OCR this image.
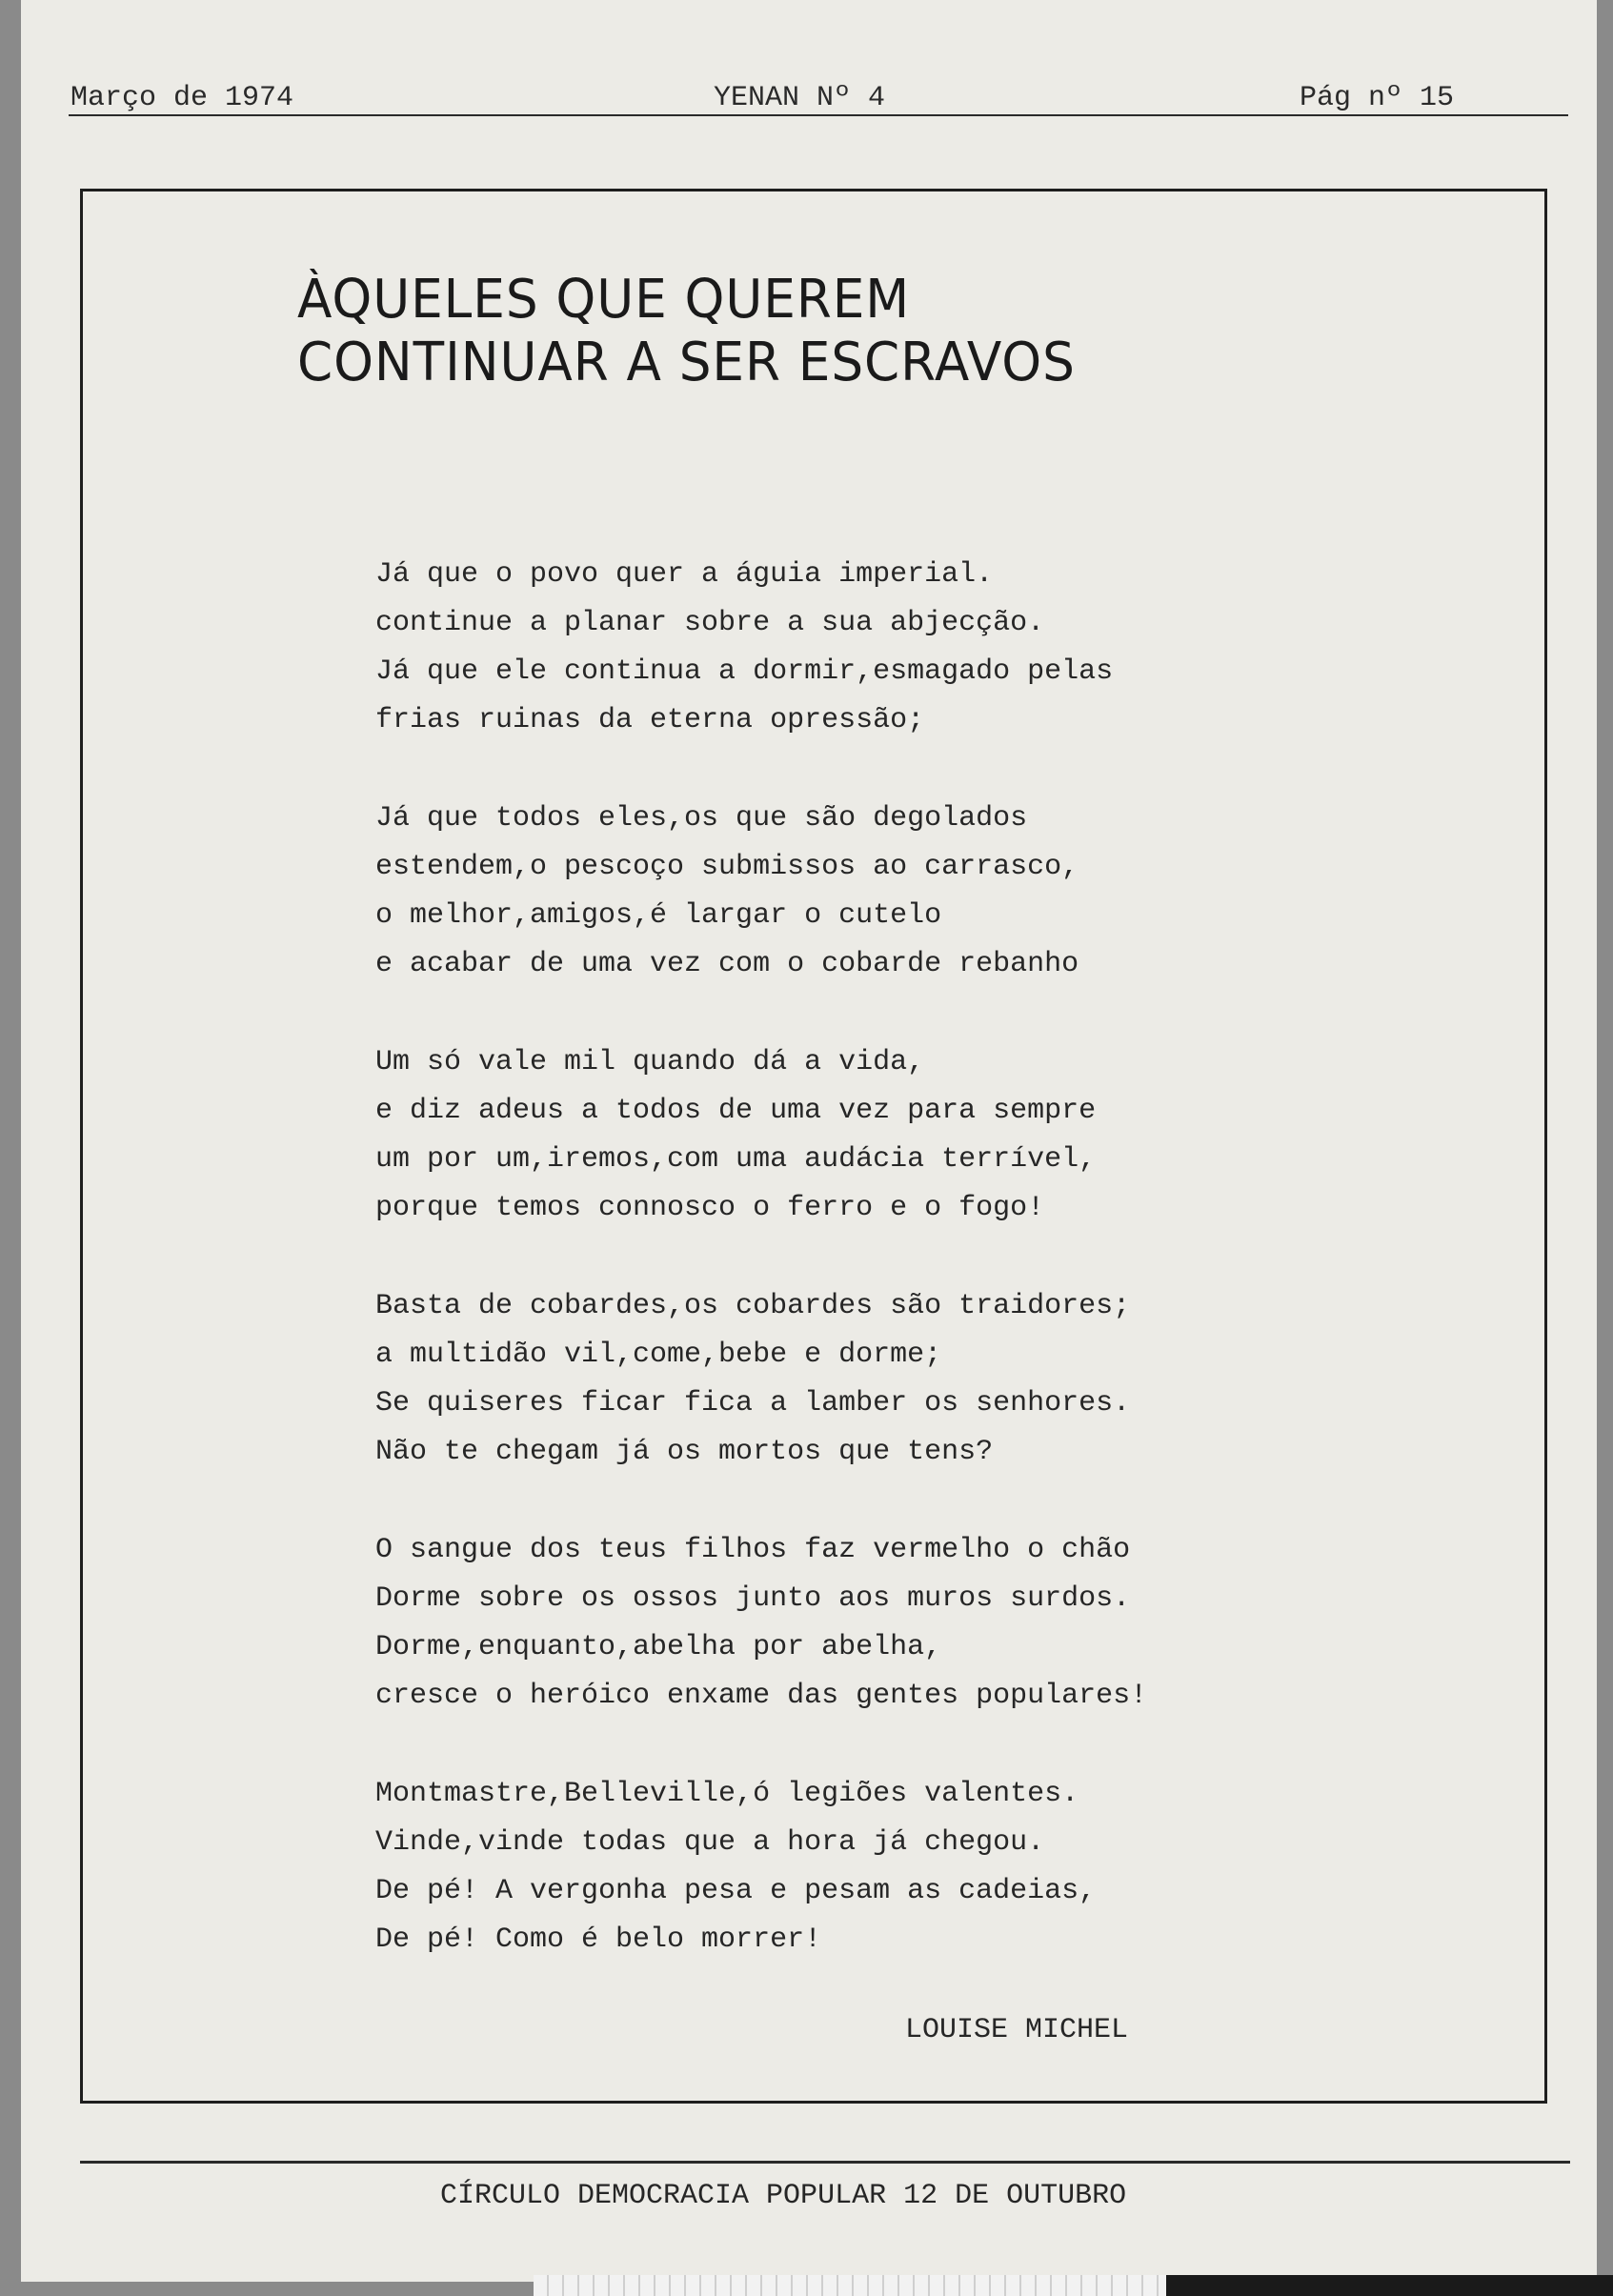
Março de 1974	YENAN Nº 4	Pág nº 15
ÀQUELES QUE QUEREM
CONTINUAR A SER ESCRAVOS
Já que o povo quer a águia imperial.
continue a planar sobre a sua abjecção.
Já que ele continua a dormir,esmagado pelas
frias ruinas da eterna opressão;
Já que todos eles,os que são degolados
estendem,o pescoço submissos ao carrasco,
o melhor,amigos,é largar o cutelo
e acabar de uma vez com o cobarde rebanho
Um só vale mil quando dá a vida,
e diz adeus a todos de uma vez para sempre
um por um,iremos,com uma audácia terrível,
porque temos connosco o ferro e o fogo!
Basta de cobardes,os cobardes são traidores;
a multidão vil,come,bebe e dorme;
Se quiseres ficar fica a lamber os senhores.
Não te chegam já os mortos que tens?
O sangue dos teus filhos faz vermelho o chão
Dorme sobre os ossos junto aos muros surdos.
Dorme,enquanto,abelha por abelha,
cresce o heróico enxame das gentes populares!
Montmastre,Belleville,ó legiões valentes.
Vinde,vinde todas que a hora já chegou.
De pé! A vergonha pesa e pesam as cadeias,
De pé! Como é belo morrer!
LOUISE MICHEL
CÍRCULO DEMOCRACIA POPULAR 12 DE OUTUBRO
